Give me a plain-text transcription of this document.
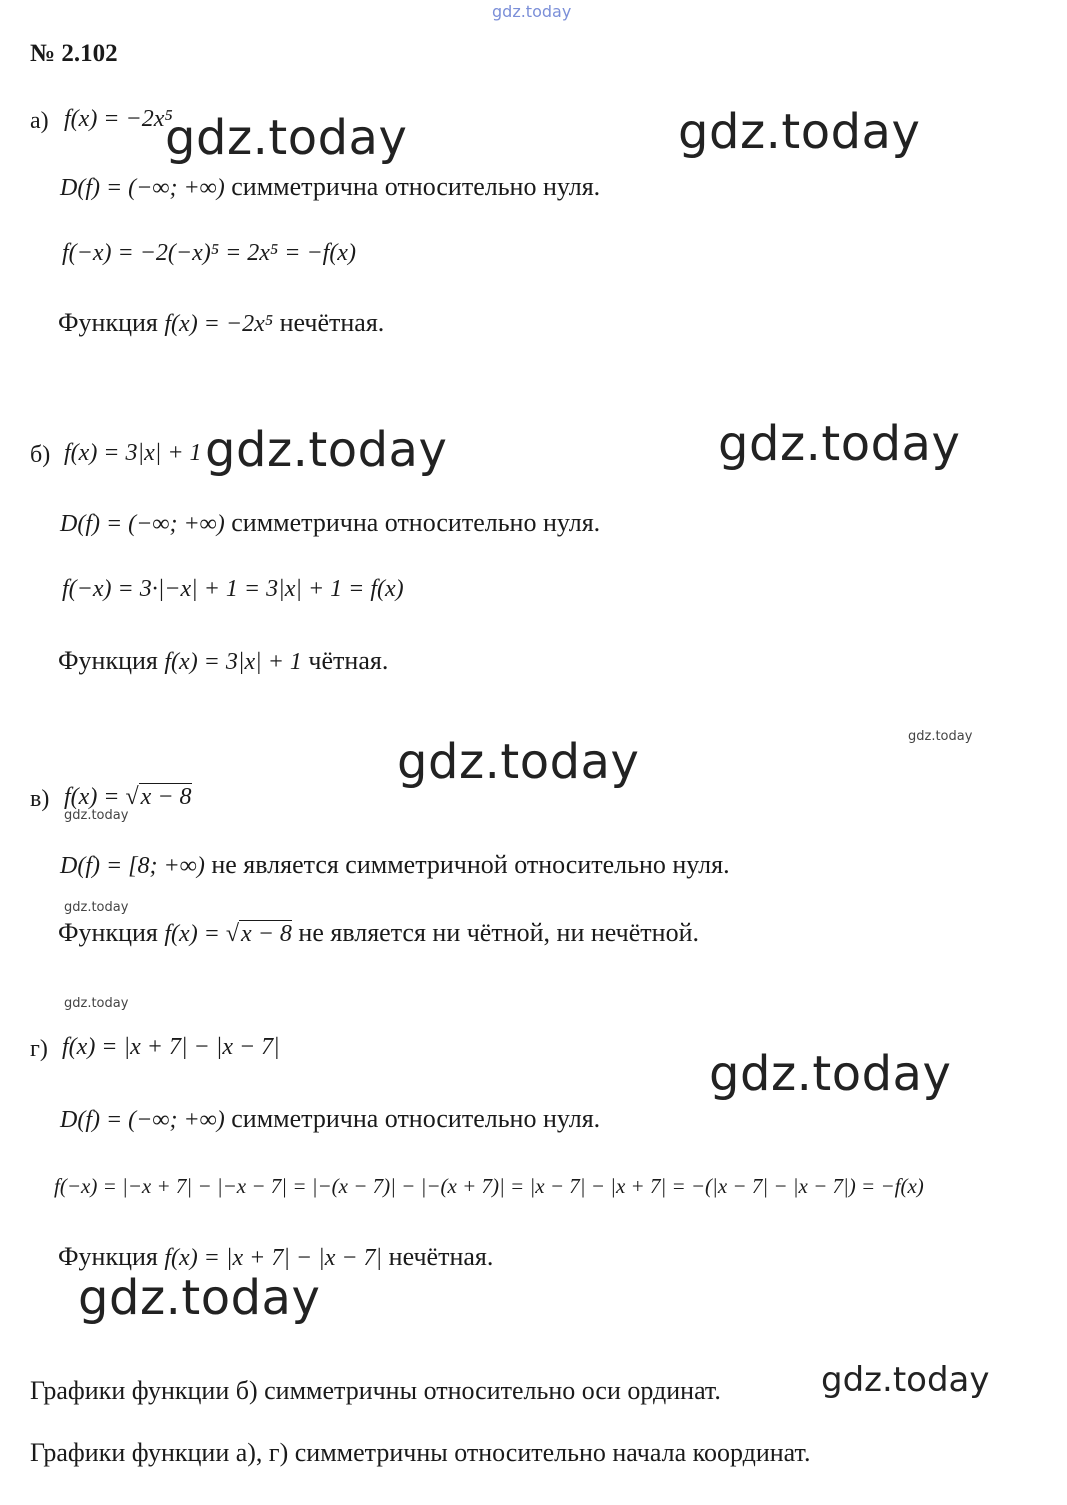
gdz.today
№ 2.102
а) f(x) = −2x⁵
D(f) = (−∞; +∞) симметрична относительно нуля.
f(−x) = −2(−x)⁵ = 2x⁵ = −f(x)
Функция f(x) = −2x⁵ нечётная.
б) f(x) = 3|x| + 1
D(f) = (−∞; +∞) симметрична относительно нуля.
f(−x) = 3·|−x| + 1 = 3|x| + 1 = f(x)
Функция f(x) = 3|x| + 1 чётная.
в) f(x) = √x − 8
D(f) = [8; +∞) не является симметричной относительно нуля.
Функция f(x) = √x − 8 не является ни чётной, ни нечётной.
г) f(x) = |x + 7| − |x − 7|
D(f) = (−∞; +∞) симметрична относительно нуля.
f(−x) = |−x + 7| − |−x − 7| = |−(x − 7)| − |−(x + 7)| = |x − 7| − |x + 7| = −(|x − 7| − |x − 7|) = −f(x)
Функция f(x) = |x + 7| − |x − 7| нечётная.
Графики функции б) симметричны относительно оси ординат.
Графики функции а), г) симметричны относительно начала координат.
gdz.today	gdz.today
gdz.today	gdz.today
gdz.today
gdz.today
gdz.today
gdz.today
gdz.today
gdz.today
gdz.today
gdz.today
